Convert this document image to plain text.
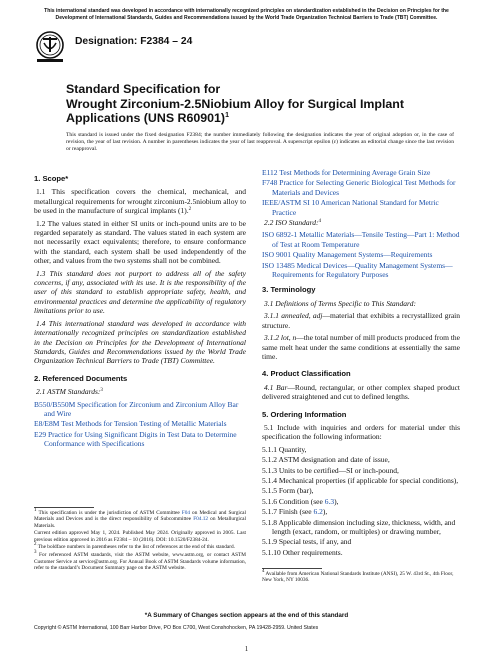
This international standard was developed in accordance with internationally recognized principles on standardization established in the Decision on Principles for the Development of International Standards, Guides and Recommendations issued by the World Trade Organization Technical Barriers to Trade (TBT) Committee.
Designation: F2384 – 24
Standard Specification for
Wrought Zirconium-2.5Niobium Alloy for Surgical Implant
Applications (UNS R60901)$^1$
This standard is issued under the fixed designation F2384; the number immediately following the designation indicates the year of original adoption or, in the case of revision, the year of last revision. A number in parentheses indicates the year of last reapproval. A superscript epsilon (ε) indicates an editorial change since the last revision or reapproval.
1. Scope*
1.1 This specification covers the chemical, mechanical, and metallurgical requirements for wrought zirconium-2.5niobium alloy to be used in the manufacture of surgical implants (1).$^2$
1.2 The values stated in either SI units or inch-pound units are to be regarded separately as standard. The values stated in each system are not necessarily exact equivalents; therefore, to ensure conformance with the standard, each system shall be used independently of the other, and values from the two systems shall not be combined.
1.3 This standard does not purport to address all of the safety concerns, if any, associated with its use. It is the responsibility of the user of this standard to establish appropriate safety, health, and environmental practices and determine the applicability of regulatory limitations prior to use.
1.4 This international standard was developed in accordance with internationally recognized principles on standardization established in the Decision on Principles for the Development of International Standards, Guides and Recommendations issued by the World Trade Organization Technical Barriers to Trade (TBT) Committee.
2. Referenced Documents
2.1 ASTM Standards:$^3$
B550/B550M Specification for Zirconium and Zirconium Alloy Bar and Wire
E8/E8M Test Methods for Tension Testing of Metallic Materials
E29 Practice for Using Significant Digits in Test Data to Determine Conformance with Specifications
$^1$ This specification is under the jurisdiction of ASTM Committee F04 on Medical and Surgical Materials and Devices and is the direct responsibility of Subcommittee F04.12 on Metallurgical Materials.
Current edition approved May 1, 2024. Published May 2024. Originally approved in 2005. Last previous edition approved in 2016 as F2384 – 10 (2016). DOI: 10.1520/F2384-24.
$^2$ The boldface numbers in parentheses refer to the list of references at the end of this standard.
$^3$ For referenced ASTM standards, visit the ASTM website, www.astm.org, or contact ASTM Customer Service at service@astm.org. For Annual Book of ASTM Standards volume information, refer to the standard’s Document Summary page on the ASTM website.
E112 Test Methods for Determining Average Grain Size
F748 Practice for Selecting Generic Biological Test Methods for Materials and Devices
IEEE/ASTM SI 10 American National Standard for Metric Practice
2.2 ISO Standard:$^4$
ISO 6892-1 Metallic Materials—Tensile Testing—Part 1: Method of Test at Room Temperature
ISO 9001 Quality Management Systems—Requirements
ISO 13485 Medical Devices—Quality Management Systems—Requirements for Regulatory Purposes
3. Terminology
3.1 Definitions of Terms Specific to This Standard:
3.1.1 annealed, adj—material that exhibits a recrystallized grain structure.
3.1.2 lot, n—the total number of mill products produced from the same melt heat under the same conditions at essentially the same time.
4. Product Classification
4.1 Bar—Round, rectangular, or other complex shaped product delivered straightened and cut to defined lengths.
5. Ordering Information
5.1 Include with inquiries and orders for material under this specification the following information:
5.1.1 Quantity,
5.1.2 ASTM designation and date of issue,
5.1.3 Units to be certified—SI or inch-pound,
5.1.4 Mechanical properties (if applicable for special conditions),
5.1.5 Form (bar),
5.1.6 Condition (see 6.3),
5.1.7 Finish (see 6.2),
5.1.8 Applicable dimension including size, thickness, width, and length (exact, random, or multiples) or drawing number,
5.1.9 Special tests, if any, and
5.1.10 Other requirements.
$^4$ Available from American National Standards Institute (ANSI), 25 W. 43rd St., 4th Floor, New York, NY 10036.
*A Summary of Changes section appears at the end of this standard
Copyright © ASTM International, 100 Barr Harbor Drive, PO Box C700, West Conshohocken, PA 19428-2959. United States
1
